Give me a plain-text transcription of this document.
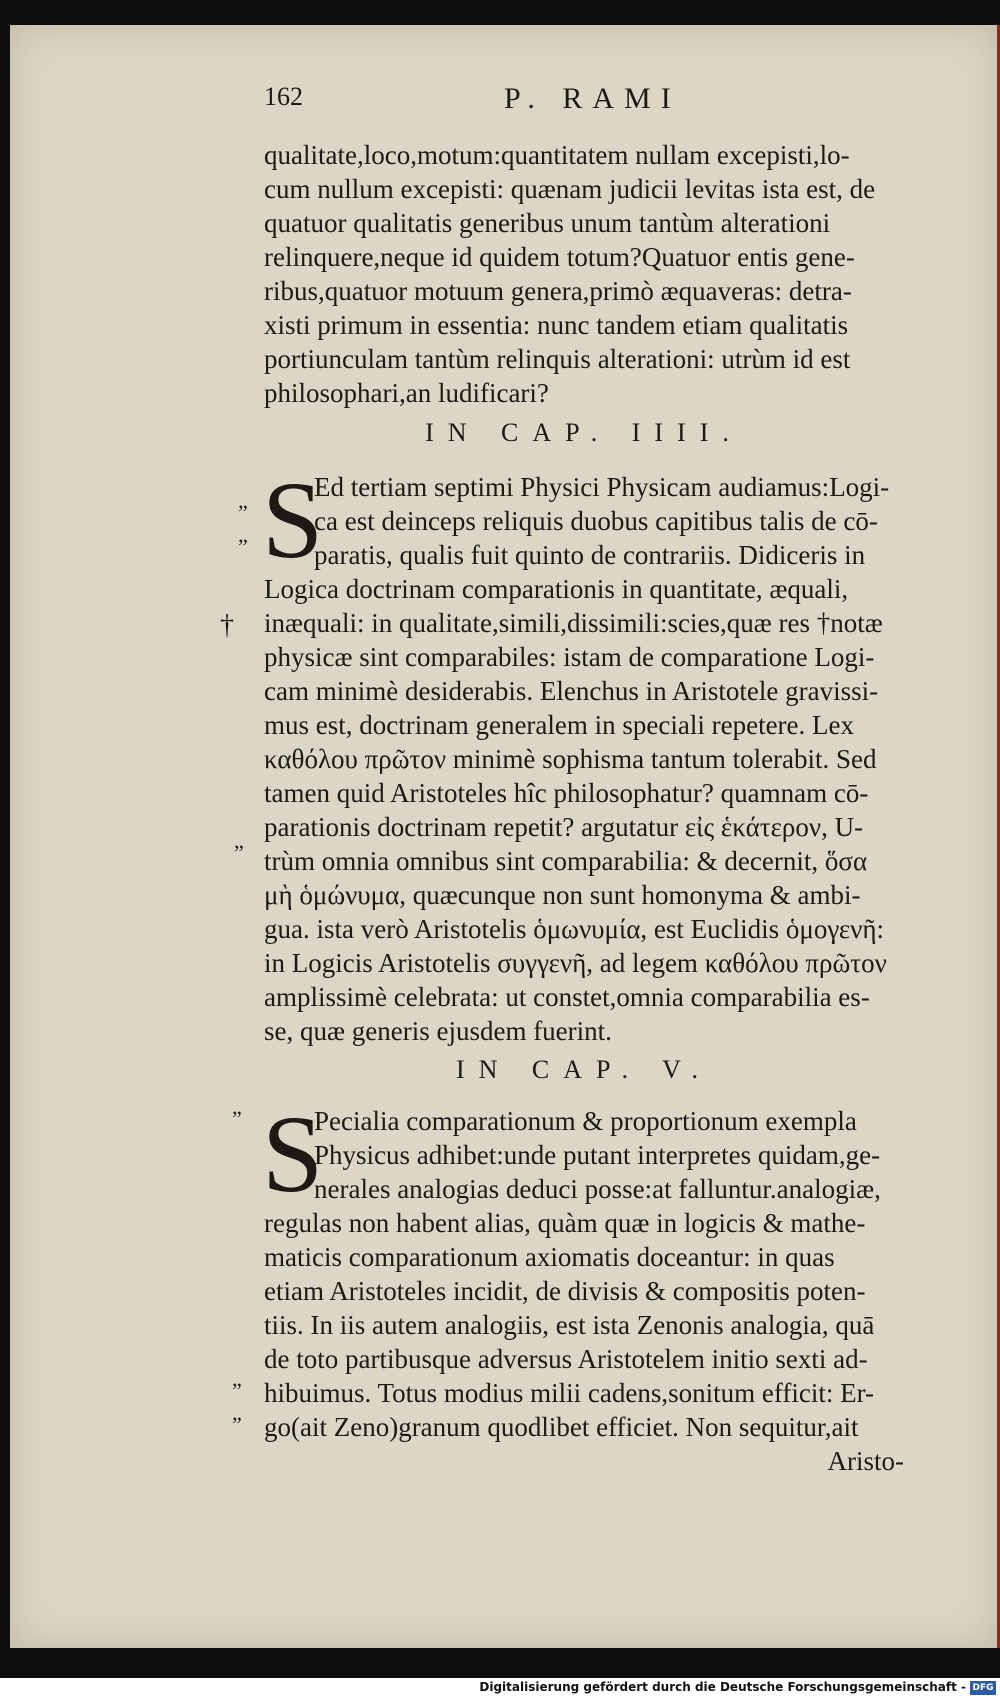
162	P. RAMI
qualitate,loco,motum:quantitatem nullam excepisti,lo-
cum nullum excepisti: quænam judicii levitas ista est, de
quatuor qualitatis generibus unum tantùm alterationi
relinquere,neque id quidem totum?Quatuor entis gene-
ribus,quatuor motuum genera,primò æquaveras: detra-
xisti primum in essentia: nunc tandem etiam qualitatis
portiunculam tantùm relinquis alterationi: utrùm id est
philosophari,an ludificari?
IN CAP. IIII.
S
Ed tertiam septimi Physici Physicam audiamus:Logi-
ca est deinceps reliquis duobus capitibus talis de cō-
paratis, qualis fuit quinto de contrariis. Didiceris in
Logica doctrinam comparationis in quantitate, æquali,
inæquali: in qualitate,simili,dissimili:scies,quæ res †notæ
physicæ sint comparabiles: istam de comparatione Logi-
cam minimè desiderabis. Elenchus in Aristotele gravissi-
mus est, doctrinam generalem in speciali repetere. Lex
καθόλου πρῶτον minimè sophisma tantum tolerabit. Sed
tamen quid Aristoteles hîc philosophatur? quamnam cō-
parationis doctrinam repetit? argutatur εἰς ἑκάτερον, U-
trùm omnia omnibus sint comparabilia: & decernit, ὅσα
μὴ ὁμώνυμα, quæcunque non sunt homonyma & ambi-
gua. ista verò Aristotelis ὁμωνυμία, est Euclidis ὁμογενῆ:
in Logicis Aristotelis συγγενῆ, ad legem καθόλου πρῶτον
amplissimè celebrata: ut constet,omnia comparabilia es-
se, quæ generis ejusdem fuerint.
IN CAP. V.
S
Pecialia comparationum & proportionum exempla
Physicus adhibet:unde putant interpretes quidam,ge-
nerales analogias deduci posse:at falluntur.analogiæ,
regulas non habent alias, quàm quæ in logicis & mathe-
maticis comparationum axiomatis doceantur: in quas
etiam Aristoteles incidit, de divisis & compositis poten-
tiis. In iis autem analogiis, est ista Zenonis analogia, quā
de toto partibusque adversus Aristotelem initio sexti ad-
hibuimus. Totus modius milii cadens,sonitum efficit: Er-
go(ait Zeno)granum quodlibet efficiet. Non sequitur,ait
Aristo-
”
”
†
”
”
”
”
Digitalisierung gefördert durch die Deutsche Forschungsgemeinschaft - DFG
